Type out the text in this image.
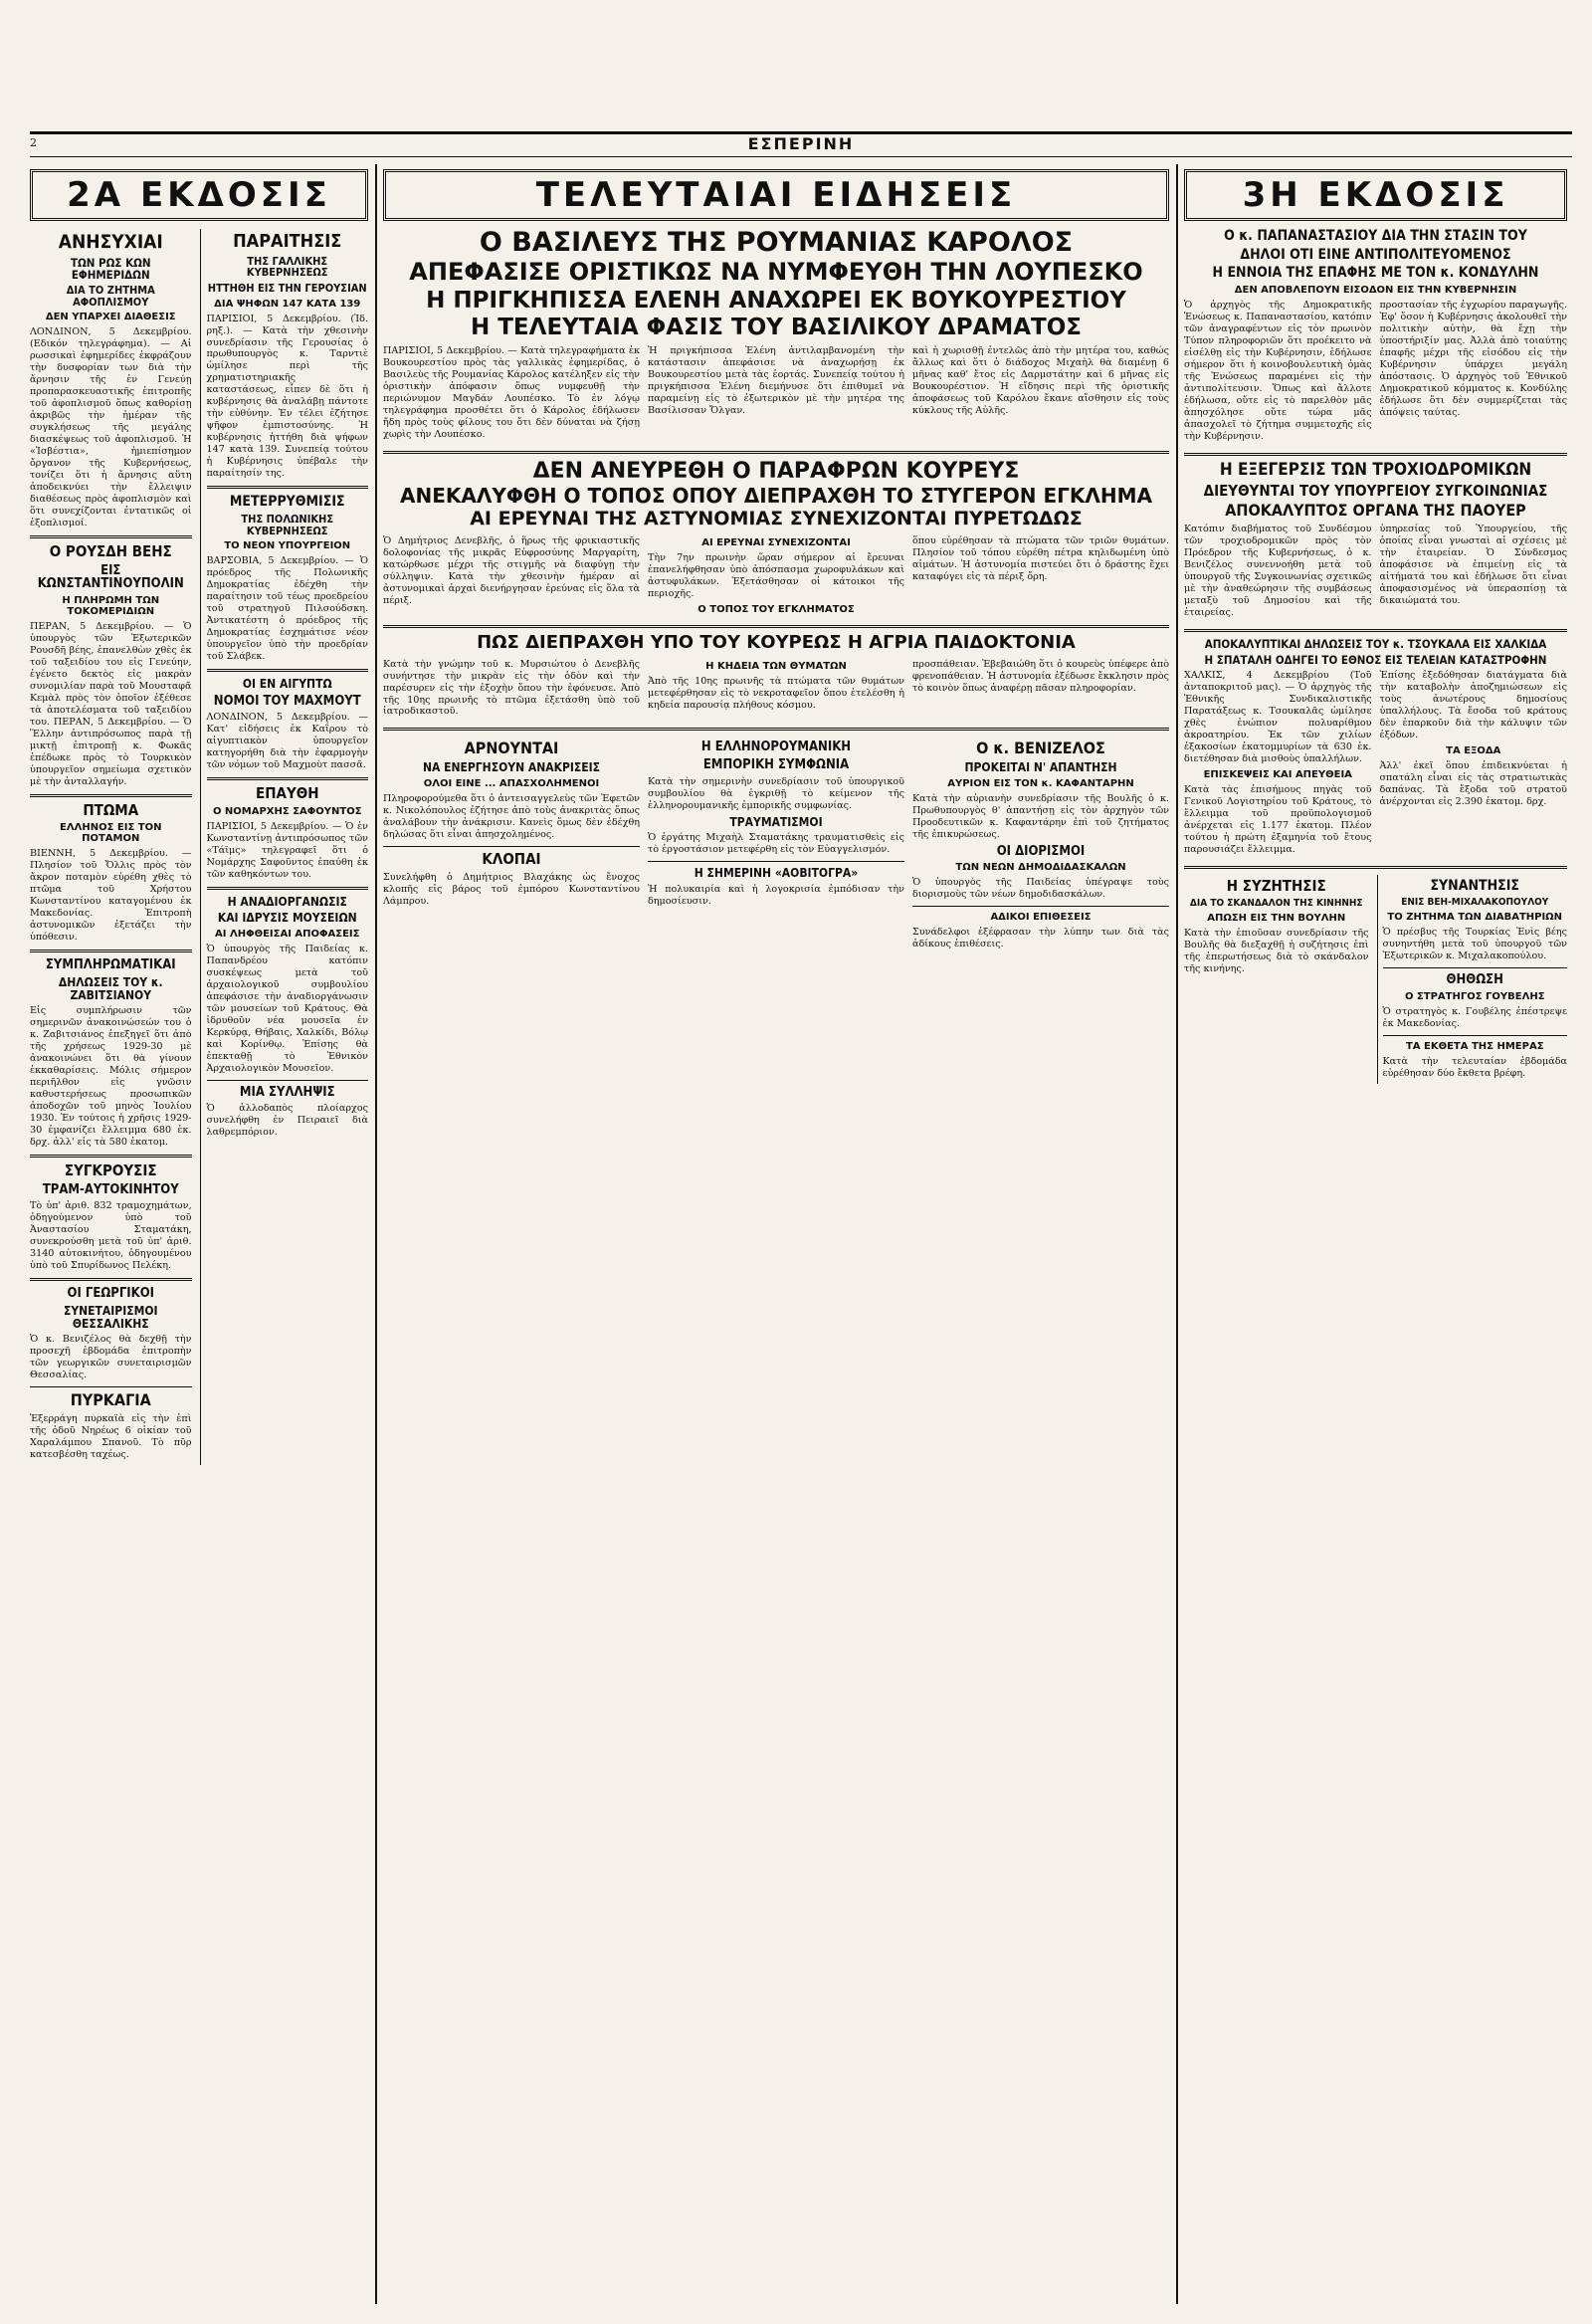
2	ΕΣΠΕΡΙΝΗ
2Α ΕΚΔΟΣΙΣ
ΑΝΗΣΥΧΙΑΙ
ΤΩΝ ΡΩΣ ΚΩΝ ΕΦΗΜΕΡΙΔΩΝ
ΔΙΑ ΤΟ ΖΗΤΗΜΑ ΑΦΟΠΛΙΣΜΟΥ
ΔΕΝ ΥΠΑΡΧΕΙ ΔΙΑΘΕΣΙΣ

ΛΟΝΔΙΝΟΝ, 5 Δεκεμβρίου. (Εδικόν τηλεγράφημα). — Αἱ ρωσσικαὶ ἐφημερίδες ἐκφράζουν τὴν δυσφορίαν των διὰ τὴν ἄρνησιν τῆς ἐν Γενεύῃ προπαρασκευαστικῆς ἐπιτροπῆς τοῦ ἀφοπλισμοῦ ὅπως καθορίσῃ ἀκριβῶς τὴν ἡμέραν τῆς συγκλήσεως τῆς μεγάλης διασκέψεως τοῦ ἀφοπλισμοῦ. Ἡ «Ἰσβέστια», ἡμιεπίσημον ὄργανον τῆς Κυβερνήσεως, τονίζει ὅτι ἡ ἄρνησις αὕτη ἀποδεικνύει τὴν ἔλλειψιν διαθέσεως πρὸς ἀφοπλισμὸν καὶ ὅτι συνεχίζονται ἐντατικῶς οἱ ἐξοπλισμοί.

Ο ΡΟΥΣΔΗ ΒΕΗΣ
ΕΙΣ ΚΩΝΣΤΑΝΤΙΝΟΥΠΟΛΙΝ
Η ΠΛΗΡΩΜΗ ΤΩΝ ΤΟΚΟΜΕΡΙΔΙΩΝ

ΠΕΡΑΝ, 5 Δεκεμβρίου. — Ὁ ὑπουργὸς τῶν Ἐξωτερικῶν Ρουσδῆ βέης, ἐπανελθὼν χθὲς ἐκ τοῦ ταξειδίου του εἰς Γενεύην, ἐγένετο δεκτὸς εἰς μακρὰν συνομιλίαν παρὰ τοῦ Μουσταφᾶ Κεμὰλ πρὸς τὸν ὁποῖον ἐξέθεσε τὰ ἀποτελέσματα τοῦ ταξειδίου του. ΠΕΡΑΝ, 5 Δεκεμβρίου. — Ὁ Ἕλλην ἀντιπρόσωπος παρὰ τῇ μικτῇ ἐπιτροπῇ κ. Φωκᾶς ἐπέδωκε πρὸς τὸ Τουρκικὸν ὑπουργεῖον σημείωμα σχετικὸν μὲ τὴν ἀνταλλαγήν.

ΠΤΩΜΑ
ΕΛΛΗΝΟΣ ΕΙΣ ΤΟΝ ΠΟΤΑΜΟΝ

ΒΙΕΝΝΗ, 5 Δεκεμβρίου. — Πλησίον τοῦ Ὄλλις πρὸς τὸν ἄκρον ποταμὸν εὑρέθη χθὲς τὸ πτῶμα τοῦ Χρήστου Κωνσταντίνου καταγομένου ἐκ Μακεδονίας. Ἐπιτροπὴ ἀστυνομικῶν ἐξετάζει τὴν ὑπόθεσιν.

ΣΥΜΠΛΗΡΩΜΑΤΙΚΑΙ
ΔΗΛΩΣΕΙΣ ΤΟΥ κ. ΖΑΒΙΤΣΙΑΝΟΥ

Εἰς συμπλήρωσιν τῶν σημερινῶν ἀνακοινώσεών του ὁ κ. Ζαβιτσιάνος ἐπεξηγεῖ ὅτι ἀπὸ τῆς χρήσεως 1929-30 μὲ ἀνακοινώνει ὅτι θὰ γίνουν ἐκκαθαρίσεις. Μόλις σήμερον περιῆλθον εἰς γνῶσιν καθυστερήσεως προσωπικῶν ἀποδοχῶν τοῦ μηνὸς Ἰουλίου 1930. Ἐν τούτοις ἡ χρῆσις 1929-30 ἐμφανίζει ἔλλειμμα 680 ἑκ. δρχ. ἀλλ' εἰς τὰ 580 ἐκατομ.

ΣΥΓΚΡΟΥΣΙΣ
ΤΡΑΜ-ΑΥΤΟΚΙΝΗΤΟΥ

Τὸ ὑπ' ἀριθ. 832 τραμοχημάτων, ὁδηγούμενον ὑπὸ τοῦ Ἀναστασίου Σταματάκη, συνεκρούσθη μετὰ τοῦ ὑπ' ἀριθ. 3140 αὐτοκινήτου, ὁδηγουμένου ὑπὸ τοῦ Σπυρίδωνος Πελέκη.

ΟΙ ΓΕΩΡΓΙΚΟΙ
ΣΥΝΕΤΑΙΡΙΣΜΟΙ ΘΕΣΣΑΛΙΚΗΣ

Ὁ κ. Βενιζέλος θὰ δεχθῇ τὴν προσεχῆ ἐβδομάδα ἐπιτροπὴν τῶν γεωργικῶν συνεταιρισμῶν Θεσσαλίας.

ΠΥΡΚΑΓΙΑ

Ἐξερράγη πυρκαϊὰ εἰς τὴν ἐπὶ τῆς ὁδοῦ Νηρέως 6 οἰκίαν τοῦ Χαραλάμπου Σπανοῦ. Τὸ πῦρ κατεσβέσθη ταχέως.

ΠΑΡΑΙΤΗΣΙΣ
ΤΗΣ ΓΑΛΛΙΚΗΣ ΚΥΒΕΡΝΗΣΕΩΣ
ΗΤΤΗΘΗ ΕΙΣ ΤΗΝ ΓΕΡΟΥΣΙΑΝ
ΔΙΑ ΨΗΦΩΝ 147 ΚΑΤΑ 139

ΠΑΡΙΣΙΟΙ, 5 Δεκεμβρίου. (Ἰδ. ρηξ.). — Κατὰ τὴν χθεσινὴν συνεδρίασιν τῆς Γερουσίας ὁ πρωθυπουργὸς κ. Ταρντιὲ ὡμίλησε περὶ τῆς χρηματιστηριακῆς καταστάσεως, εἶπεν δὲ ὅτι ἡ κυβέρνησις θὰ ἀναλάβῃ πάντοτε τὴν εὐθύνην. Ἐν τέλει ἐζήτησε ψῆφον ἐμπιστοσύνης. Ἡ κυβέρνησις ἡττήθη διὰ ψήφων 147 κατὰ 139. Συνεπείᾳ τούτου ἡ Κυβέρνησις ὑπέβαλε τὴν παραίτησίν της.

ΜΕΤΕΡΡΥΘΜΙΣΙΣ
ΤΗΣ ΠΟΛΩΝΙΚΗΣ ΚΥΒΕΡΝΗΣΕΩΣ
ΤΟ ΝΕΟΝ ΥΠΟΥΡΓΕΙΟΝ

ΒΑΡΣΟΒΙΑ, 5 Δεκεμβρίου. — Ὁ πρόεδρος τῆς Πολωνικῆς Δημοκρατίας ἐδέχθη τὴν παραίτησιν τοῦ τέως προεδρείου τοῦ στρατηγοῦ Πιλσούδσκη. Ἀντικατέστη ὁ πρόεδρος τῆς Δημοκρατίας ἐσχημάτισε νέον ὑπουργεῖον ὑπὸ τὴν προεδρίαν τοῦ Σλάβεκ.

ΟΙ ΕΝ ΑΙΓΥΠΤΩ
ΝΟΜΟΙ ΤΟΥ ΜΑΧΜΟΥΤ

ΛΟΝΔΙΝΟΝ, 5 Δεκεμβρίου. — Κατ' εἰδήσεις ἐκ Καΐρου τὸ αἰγυπτιακὸν ὑπουργεῖον κατηγορήθη διὰ τὴν ἐφαρμογὴν τῶν νόμων τοῦ Μαχμοὺτ πασσᾶ.

ΕΠΑΥΘΗ
Ο ΝΟΜΑΡΧΗΣ ΣΑΦΟΥΝΤΟΣ

ΠΑΡΙΣΙΟΙ, 5 Δεκεμβρίου. — Ὁ ἐν Κωνσταντίνῃ ἀντιπρόσωπος τῶν «Τάϊμς» τηλεγραφεῖ ὅτι ὁ Νομάρχης Σαφοῦντος ἐπαύθη ἐκ τῶν καθηκόντων του.

Η ΑΝΑΔΙΟΡΓΑΝΩΣΙΣ
ΚΑΙ ΙΔΡΥΣΙΣ ΜΟΥΣΕΙΩΝ
ΑΙ ΛΗΦΘΕΙΣΑΙ ΑΠΟΦΑΣΕΙΣ

Ὁ ὑπουργὸς τῆς Παιδείας κ. Παπανδρέου κατόπιν συσκέψεως μετὰ τοῦ ἀρχαιολογικοῦ συμβουλίου ἀπεφάσισε τὴν ἀναδιοργάνωσιν τῶν μουσείων τοῦ Κράτους. Θὰ ἱδρυθοῦν νέα μουσεῖα ἐν Κερκύρᾳ, Θήβαις, Χαλκίδι, Βόλῳ καὶ Κορίνθῳ. Ἐπίσης θὰ ἐπεκταθῇ τὸ Ἐθνικὸν Ἀρχαιολογικὸν Μουσεῖον.

ΜΙΑ ΣΥΛΛΗΨΙΣ

Ὁ ἀλλοδαπὸς πλοίαρχος συνελήφθη ἐν Πειραιεῖ διὰ λαθρεμπόριον.

ΤΕΛΕΥΤΑΙΑΙ ΕΙΔΗΣΕΙΣ
Ο ΒΑΣΙΛΕΥΣ ΤΗΣ ΡΟΥΜΑΝΙΑΣ ΚΑΡΟΛΟΣ
ΑΠΕΦΑΣΙΣΕ ΟΡΙΣΤΙΚΩΣ ΝΑ ΝΥΜΦΕΥΘΗ ΤΗΝ ΛΟΥΠΕΣΚΟ
Η ΠΡΙΓΚΗΠΙΣΣΑ ΕΛΕΝΗ ΑΝΑΧΩΡΕΙ ΕΚ ΒΟΥΚΟΥΡΕΣΤΙΟΥ
Η ΤΕΛΕΥΤΑΙΑ ΦΑΣΙΣ ΤΟΥ ΒΑΣΙΛΙΚΟΥ ΔΡΑΜΑΤΟΣ

ΠΑΡΙΣΙΟΙ, 5 Δεκεμβρίου. — Κατὰ τηλεγραφήματα ἐκ Βουκουρεστίου πρὸς τὰς γαλλικὰς ἐφημερίδας, ὁ Βασιλεὺς τῆς Ρουμανίας Κάρολος κατέληξεν εἰς τὴν ὁριστικὴν ἀπόφασιν ὅπως νυμφευθῇ τὴν περιώνυμον Μαγδάν Λουπέσκο. Τὸ ἐν λόγῳ τηλεγράφημα προσθέτει ὅτι ὁ Κάρολος ἐδήλωσεν ἤδη πρὸς τοὺς φίλους του ὅτι δὲν δύναται νὰ ζήσῃ χωρὶς τὴν Λουπέσκο.

Ἡ πριγκήπισσα Ἑλένη ἀντιλαμβανομένη τὴν κατάστασιν ἀπεφάσισε νὰ ἀναχωρήσῃ ἐκ Βουκουρεστίου μετὰ τὰς ἑορτάς. Συνεπείᾳ τούτου ἡ πριγκήπισσα Ἑλένη διεμήνυσε ὅτι ἐπιθυμεῖ νὰ παραμείνῃ εἰς τὸ ἐξωτερικὸν μὲ τὴν μητέρα της Βασίλισσαν Ὄλγαν.

καὶ ἡ χωρισθῇ ἐντελῶς ἀπὸ τὴν μητέρα του, καθώς ἄλλως καὶ ὅτι ὁ διάδοχος Μιχαὴλ θὰ διαμένῃ 6 μῆνας καθ' ἔτος εἰς Δαρμστάτην καὶ 6 μῆνας εἰς Βουκουρέστιον. Ἡ εἴδησις περὶ τῆς ὁριστικῆς ἀποφάσεως τοῦ Καρόλου ἔκανε αἴσθησιν εἰς τοὺς κύκλους τῆς Αὐλῆς.

ΔΕΝ ΑΝΕΥΡΕΘΗ Ο ΠΑΡΑΦΡΩΝ ΚΟΥΡΕΥΣ
ΑΝΕΚΑΛΥΦΘΗ Ο ΤΟΠΟΣ ΟΠΟΥ ΔΙΕΠΡΑΧΘΗ ΤΟ ΣΤΥΓΕΡΟΝ ΕΓΚΛΗΜΑ
ΑΙ ΕΡΕΥΝΑΙ ΤΗΣ ΑΣΤΥΝΟΜΙΑΣ ΣΥΝΕΧΙΖΟΝΤΑΙ ΠΥΡΕΤΩΔΩΣ

Ὁ Δημήτριος Δενεβλῆς, ὁ ἥρως τῆς φρικιαστικῆς δολοφονίας τῆς μικρᾶς Εὐφροσύνης Μαργαρίτη, κατώρθωσε μέχρι τῆς στιγμῆς νὰ διαφύγῃ τὴν σύλληψιν. Κατὰ τὴν χθεσινὴν ἡμέραν αἱ ἀστυνομικαὶ ἀρχαὶ διενήργησαν ἐρεύνας εἰς ὅλα τὰ πέριξ.

ΑΙ ΕΡΕΥΝΑΙ ΣΥΝΕΧΙΖΟΝΤΑΙ

Τὴν 7ην πρωινὴν ὥραν σήμερον αἱ ἔρευναι ἐπανελήφθησαν ὑπὸ ἀπόσπασμα χωροφυλάκων καὶ ἀστυφυλάκων. Ἐξετάσθησαν οἱ κάτοικοι τῆς περιοχῆς.

Ο ΤΟΠΟΣ ΤΟΥ ΕΓΚΛΗΜΑΤΟΣ

ὅπου εὑρέθησαν τὰ πτώματα τῶν τριῶν θυμάτων. Πλησίον τοῦ τόπου εὑρέθη πέτρα κηλιδωμένη ὑπὸ αἱμάτων. Ἡ ἀστυνομία πιστεύει ὅτι ὁ δράστης ἔχει καταφύγει εἰς τὰ πέριξ ὄρη.

ΠΩΣ ΔΙΕΠΡΑΧΘΗ ΥΠΟ ΤΟΥ ΚΟΥΡΕΩΣ Η ΑΓΡΙΑ ΠΑΙΔΟΚΤΟΝΙΑ

Κατὰ τὴν γνώμην τοῦ κ. Μυρσιώτου ὁ Δενεβλῆς συνήντησε τὴν μικρὰν εἰς τὴν ὁδὸν καὶ τὴν παρέσυρεν εἰς τὴν ἐξοχὴν ὅπου τὴν ἐφόνευσε. Ἀπὸ τῆς 10ης πρωινῆς τὸ πτῶμα ἐξετάσθη ὑπὸ τοῦ ἰατροδικαστοῦ.

Η ΚΗΔΕΙΑ ΤΩΝ ΘΥΜΑΤΩΝ

Ἀπὸ τῆς 10ης πρωινῆς τὰ πτώματα τῶν θυμάτων μετεφέρθησαν εἰς τὸ νεκροταφεῖον ὅπου ἐτελέσθη ἡ κηδεία παρουσίᾳ πλήθους κόσμου.

προσπάθειαν. Ἐβεβαιώθη ὅτι ὁ κουρεὺς ὑπέφερε ἀπὸ φρενοπάθειαν. Ἡ ἀστυνομία ἐξέδωσε ἔκκλησιν πρὸς τὸ κοινὸν ὅπως ἀναφέρῃ πᾶσαν πληροφορίαν.

ΑΡΝΟΥΝΤΑΙ
ΝΑ ΕΝΕΡΓΗΣΟΥΝ ΑΝΑΚΡΙΣΕΙΣ
ΟΛΟΙ ΕΙΝΕ ... ΑΠΑΣΧΟΛΗΜΕΝΟΙ

Πληροφορούμεθα ὅτι ὁ ἀντεισαγγελεὺς τῶν Ἐφετῶν κ. Νικολόπουλος ἐζήτησε ἀπὸ τοὺς ἀνακριτὰς ὅπως ἀναλάβουν τὴν ἀνάκρισιν. Κανεὶς ὅμως δὲν ἐδέχθη δηλώσας ὅτι εἶναι ἀπησχολημένος.

ΚΛΟΠΑΙ

Συνελήφθη ὁ Δημήτριος Βλαχάκης ὡς ἔνοχος κλοπῆς εἰς βάρος τοῦ ἐμπόρου Κωνσταντίνου Λάμπρου.

Η ΕΛΛΗΝΟΡΟΥΜΑΝΙΚΗ
ΕΜΠΟΡΙΚΗ ΣΥΜΦΩΝΙΑ

Κατὰ τὴν σημερινὴν συνεδρίασιν τοῦ ὑπουργικοῦ συμβουλίου θὰ ἐγκριθῇ τὸ κείμενον τῆς ἑλληνορουμανικῆς ἐμπορικῆς συμφωνίας.

ΤΡΑΥΜΑΤΙΣΜΟΙ

Ὁ ἐργάτης Μιχαὴλ Σταματάκης τραυματισθεὶς εἰς τὸ ἐργοστάσιον μετεφέρθη εἰς τὸν Εὐαγγελισμόν.

Η ΣΗΜΕΡΙΝΗ «ΑΟΒΙΤΟΓΡΑ»

Ἡ πολυκαιρία καὶ ἡ λογοκρισία ἐμπόδισαν τὴν δημοσίευσιν.

Ο κ. ΒΕΝΙΖΕΛΟΣ
ΠΡΟΚΕΙΤΑΙ Ν' ΑΠΑΝΤΗΣΗ
ΑΥΡΙΟΝ ΕΙΣ ΤΟΝ κ. ΚΑΦΑΝΤΑΡΗΝ

Κατὰ τὴν αὐριανὴν συνεδρίασιν τῆς Βουλῆς ὁ κ. Πρωθυπουργὸς θ' ἀπαντήσῃ εἰς τὸν ἀρχηγὸν τῶν Προοδευτικῶν κ. Καφαντάρην ἐπὶ τοῦ ζητήματος τῆς ἐπικυρώσεως.

ΟΙ ΔΙΟΡΙΣΜΟΙ
ΤΩΝ ΝΕΩΝ ΔΗΜΟΔΙΔΑΣΚΑΛΩΝ

Ὁ ὑπουργὸς τῆς Παιδείας ὑπέγραψε τοὺς διορισμοὺς τῶν νέων δημοδιδασκάλων.

ΑΔΙΚΟΙ ΕΠΙΘΕΣΕΙΣ

Συνάδελφοι ἐξέφρασαν τὴν λύπην των διὰ τὰς ἀδίκους ἐπιθέσεις.

3Η ΕΚΔΟΣΙΣ
Ο κ. ΠΑΠΑΝΑΣΤΑΣΙΟΥ ΔΙΑ ΤΗΝ ΣΤΑΣΙΝ ΤΟΥ
ΔΗΛΟΙ ΟΤΙ ΕΙΝΕ ΑΝΤΙΠΟΛΙΤΕΥΟΜΕΝΟΣ
Η ΕΝΝΟΙΑ ΤΗΣ ΕΠΑΦΗΣ ΜΕ ΤΟΝ κ. ΚΟΝΔΥΛΗΝ
ΔΕΝ ΑΠΟΒΛΕΠΟΥΝ ΕΙΣΟΔΟΝ ΕΙΣ ΤΗΝ ΚΥΒΕΡΝΗΣΙΝ

Ὁ ἀρχηγὸς τῆς Δημοκρατικῆς Ἑνώσεως κ. Παπαναστασίου, κατόπιν τῶν ἀναγραφέντων εἰς τὸν πρωινὸν Τύπον πληροφοριῶν ὅτι προέκειτο νὰ εἰσέλθῃ εἰς τὴν Κυβέρνησιν, ἐδήλωσε σήμερον ὅτι ἡ κοινοβουλευτικὴ ὁμὰς τῆς Ἑνώσεως παραμένει εἰς τὴν ἀντιπολίτευσιν. Ὅπως καὶ ἄλλοτε ἐδήλωσα, οὔτε εἰς τὸ παρελθὸν μᾶς ἀπησχόλησε οὔτε τώρα μᾶς ἀπασχολεῖ τὸ ζήτημα συμμετοχῆς εἰς τὴν Κυβέρνησιν.

προστασίαν τῆς ἐγχωρίου παραγωγῆς. Ἐφ' ὅσον ἡ Κυβέρνησις ἀκολουθεῖ τὴν πολιτικὴν αὐτὴν, θὰ ἔχῃ τὴν ὑποστήριξίν μας. Ἀλλὰ ἀπὸ τοιαύτης ἐπαφῆς μέχρι τῆς εἰσόδου εἰς τὴν Κυβέρνησιν ὑπάρχει μεγάλη ἀπόστασις. Ὁ ἀρχηγὸς τοῦ Ἐθνικοῦ Δημοκρατικοῦ κόμματος κ. Κονδύλης ἐδήλωσε ὅτι δὲν συμμερίζεται τὰς ἀπόψεις ταύτας.

Η ΕΞΕΓΕΡΣΙΣ ΤΩΝ ΤΡΟΧΙΟΔΡΟΜΙΚΩΝ
ΔΙΕΥΘΥΝΤΑΙ ΤΟΥ ΥΠΟΥΡΓΕΙΟΥ ΣΥΓΚΟΙΝΩΝΙΑΣ
ΑΠΟΚΑΛΥΠΤΟΣ ΟΡΓΑΝΑ ΤΗΣ ΠΑΟΥΕΡ

Κατόπιν διαβήματος τοῦ Συνδέσμου τῶν τροχιοδρομικῶν πρὸς τὸν Πρόεδρον τῆς Κυβερνήσεως, ὁ κ. Βενιζέλος συνεννοήθη μετὰ τοῦ ὑπουργοῦ τῆς Συγκοινωνίας σχετικῶς μὲ τὴν ἀναθεώρησιν τῆς συμβάσεως μεταξὺ τοῦ Δημοσίου καὶ τῆς ἑταιρείας.

ὑπηρεσίας τοῦ Ὑπουργείου, τῆς ὁποίας εἶναι γνωσταὶ αἱ σχέσεις μὲ τὴν ἑταιρείαν. Ὁ Σύνδεσμος ἀποφάσισε νὰ ἐπιμείνῃ εἰς τὰ αἰτήματά του καὶ ἐδήλωσε ὅτι εἶναι ἀποφασισμένος νὰ ὑπερασπίσῃ τὰ δικαιώματά του.

ΑΠΟΚΑΛΥΠΤΙΚΑΙ ΔΗΛΩΣΕΙΣ ΤΟΥ κ. ΤΣΟΥΚΑΛΑ ΕΙΣ ΧΑΛΚΙΔΑ
Η ΣΠΑΤΑΛΗ ΟΔΗΓΕΙ ΤΟ ΕΘΝΟΣ ΕΙΣ ΤΕΛΕΙΑΝ ΚΑΤΑΣΤΡΟΦΗΝ

ΧΑΛΚΙΣ, 4 Δεκεμβρίου (Τοῦ ἀνταποκριτοῦ μας). — Ὁ ἀρχηγὸς τῆς Ἐθνικῆς Συνδικαλιστικῆς Παρατάξεως κ. Τσουκαλᾶς ὡμίλησε χθὲς ἐνώπιον πολυαρίθμου ἀκροατηρίου. Ἐκ τῶν χιλίων ἑξακοσίων ἐκατομμυρίων τὰ 630 ἑκ. διετέθησαν διὰ μισθοὺς ὑπαλλήλων.

ΕΠΙΣΚΕΨΕΙΣ ΚΑΙ ΑΠΕΥΘΕΙΑ

Κατὰ τὰς ἐπισήμους πηγὰς τοῦ Γενικοῦ Λογιστηρίου τοῦ Κράτους, τὸ ἔλλειμμα τοῦ προϋπολογισμοῦ ἀνέρχεται εἰς 1.177 ἑκατομ. Πλέον τούτου ἡ πρώτη ἐξαμηνία τοῦ ἔτους παρουσιάζει ἔλλειμμα.

Ἐπίσης ἐξεδόθησαν διατάγματα διὰ τὴν καταβολὴν ἀποζημιώσεων εἰς τοὺς ἀνωτέρους δημοσίους ὑπαλλήλους. Τὰ ἔσοδα τοῦ κράτους δὲν ἐπαρκοῦν διὰ τὴν κάλυψιν τῶν ἐξόδων.

ΤΑ ΕΞΟΔΑ

Ἀλλ' ἐκεῖ ὅπου ἐπιδεικνύεται ἡ σπατάλη εἶναι εἰς τὰς στρατιωτικὰς δαπάνας. Τὰ ἔξοδα τοῦ στρατοῦ ἀνέρχονται εἰς 2.390 ἑκατομ. δρχ.

Η ΣΥΖΗΤΗΣΙΣ
ΔΙΑ ΤΟ ΣΚΑΝΔΑΛΟΝ ΤΗΣ ΚΙΝΗΝΗΣ
ΑΠΩΣΗ ΕΙΣ ΤΗΝ ΒΟΥΛΗΝ

Κατὰ τὴν ἐπιοῦσαν συνεδρίασιν τῆς Βουλῆς θὰ διεξαχθῇ ἡ συζήτησις ἐπὶ τῆς ἐπερωτήσεως διὰ τὸ σκάνδαλον τῆς κινήνης.

ΣΥΝΑΝΤΗΣΙΣ
ΕΝΙΣ ΒΕΗ-ΜΙΧΑΛΑΚΟΠΟΥΛΟΥ
ΤΟ ΖΗΤΗΜΑ ΤΩΝ ΔΙΑΒΑΤΗΡΙΩΝ

Ὁ πρέσβυς τῆς Τουρκίας Ἐνὶς βέης συνηντήθη μετὰ τοῦ ὑπουργοῦ τῶν Ἐξωτερικῶν κ. Μιχαλακοπούλου.

ΘΗΘΩΣΗ
Ο ΣΤΡΑΤΗΓΟΣ ΓΟΥΒΕΛΗΣ

Ὁ στρατηγὸς κ. Γουβέλης ἐπέστρεψε ἐκ Μακεδονίας.

ΤΑ ΕΚΘΕΤΑ ΤΗΣ ΗΜΕΡΑΣ

Κατὰ τὴν τελευταίαν ἑβδομάδα εὑρέθησαν δύο ἔκθετα βρέφη.
